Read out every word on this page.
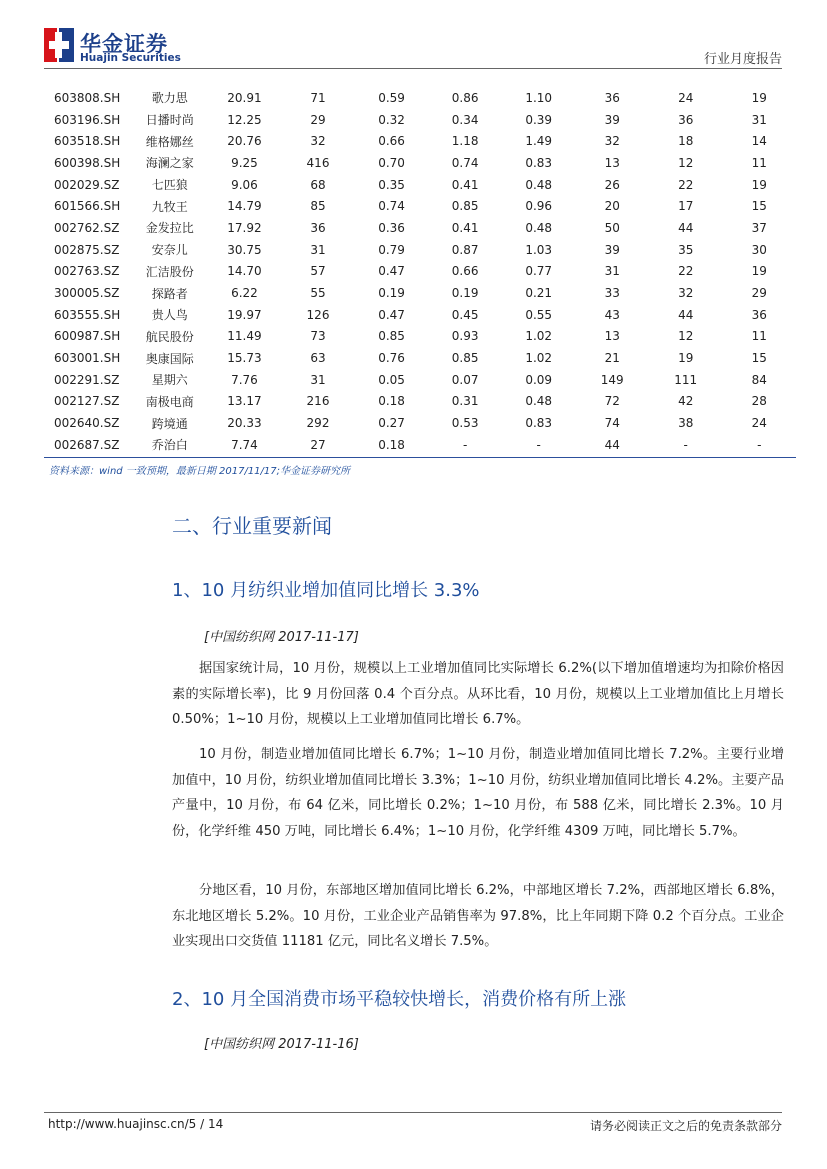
华金证券
Huajin Securities	行业月度报告
603808.SH	歌力思	20.91	71	0.59	0.86	1.10	36	24	19
603196.SH	日播时尚	12.25	29	0.32	0.34	0.39	39	36	31
603518.SH	维格娜丝	20.76	32	0.66	1.18	1.49	32	18	14
600398.SH	海澜之家	9.25	416	0.70	0.74	0.83	13	12	11
002029.SZ	七匹狼	9.06	68	0.35	0.41	0.48	26	22	19
601566.SH	九牧王	14.79	85	0.74	0.85	0.96	20	17	15
002762.SZ	金发拉比	17.92	36	0.36	0.41	0.48	50	44	37
002875.SZ	安奈儿	30.75	31	0.79	0.87	1.03	39	35	30
002763.SZ	汇洁股份	14.70	57	0.47	0.66	0.77	31	22	19
300005.SZ	探路者	6.22	55	0.19	0.19	0.21	33	32	29
603555.SH	贵人鸟	19.97	126	0.47	0.45	0.55	43	44	36
600987.SH	航民股份	11.49	73	0.85	0.93	1.02	13	12	11
603001.SH	奥康国际	15.73	63	0.76	0.85	1.02	21	19	15
002291.SZ	星期六	7.76	31	0.05	0.07	0.09	149	111	84
002127.SZ	南极电商	13.17	216	0.18	0.31	0.48	72	42	28
002640.SZ	跨境通	20.33	292	0.27	0.53	0.83	74	38	24
002687.SZ	乔治白	7.74	27	0.18	-	-	44	-	-
资料来源：wind 一致预期，最新日期 2017/11/17;华金证券研究所
二、行业重要新闻
1、10 月纺织业增加值同比增长 3.3%
[中国纺织网 2017-11-17]
据国家统计局，10 月份，规模以上工业增加值同比实际增长 6.2%(以下增加值增速均为扣除价格因素的实际增长率)，比 9 月份回落 0.4 个百分点。从环比看，10 月份，规模以上工业增加值比上月增长 0.50%；1~10 月份，规模以上工业增加值同比增长 6.7%。
10 月份，制造业增加值同比增长 6.7%；1~10 月份，制造业增加值同比增长 7.2%。主要行业增加值中，10 月份，纺织业增加值同比增长 3.3%；1~10 月份，纺织业增加值同比增长 4.2%。主要产品产量中，10 月份，布 64 亿米，同比增长 0.2%；1~10 月份，布 588 亿米，同比增长 2.3%。10 月份，化学纤维 450 万吨，同比增长 6.4%；1~10 月份，化学纤维 4309 万吨，同比增长 5.7%。
分地区看，10 月份，东部地区增加值同比增长 6.2%，中部地区增长 7.2%，西部地区增长 6.8%，东北地区增长 5.2%。10 月份，工业企业产品销售率为 97.8%，比上年同期下降 0.2 个百分点。工业企业实现出口交货值 11181 亿元，同比名义增长 7.5%。
2、10 月全国消费市场平稳较快增长，消费价格有所上涨
[中国纺织网 2017-11-16]
http://www.huajinsc.cn/5 / 14	请务必阅读正文之后的免责条款部分
